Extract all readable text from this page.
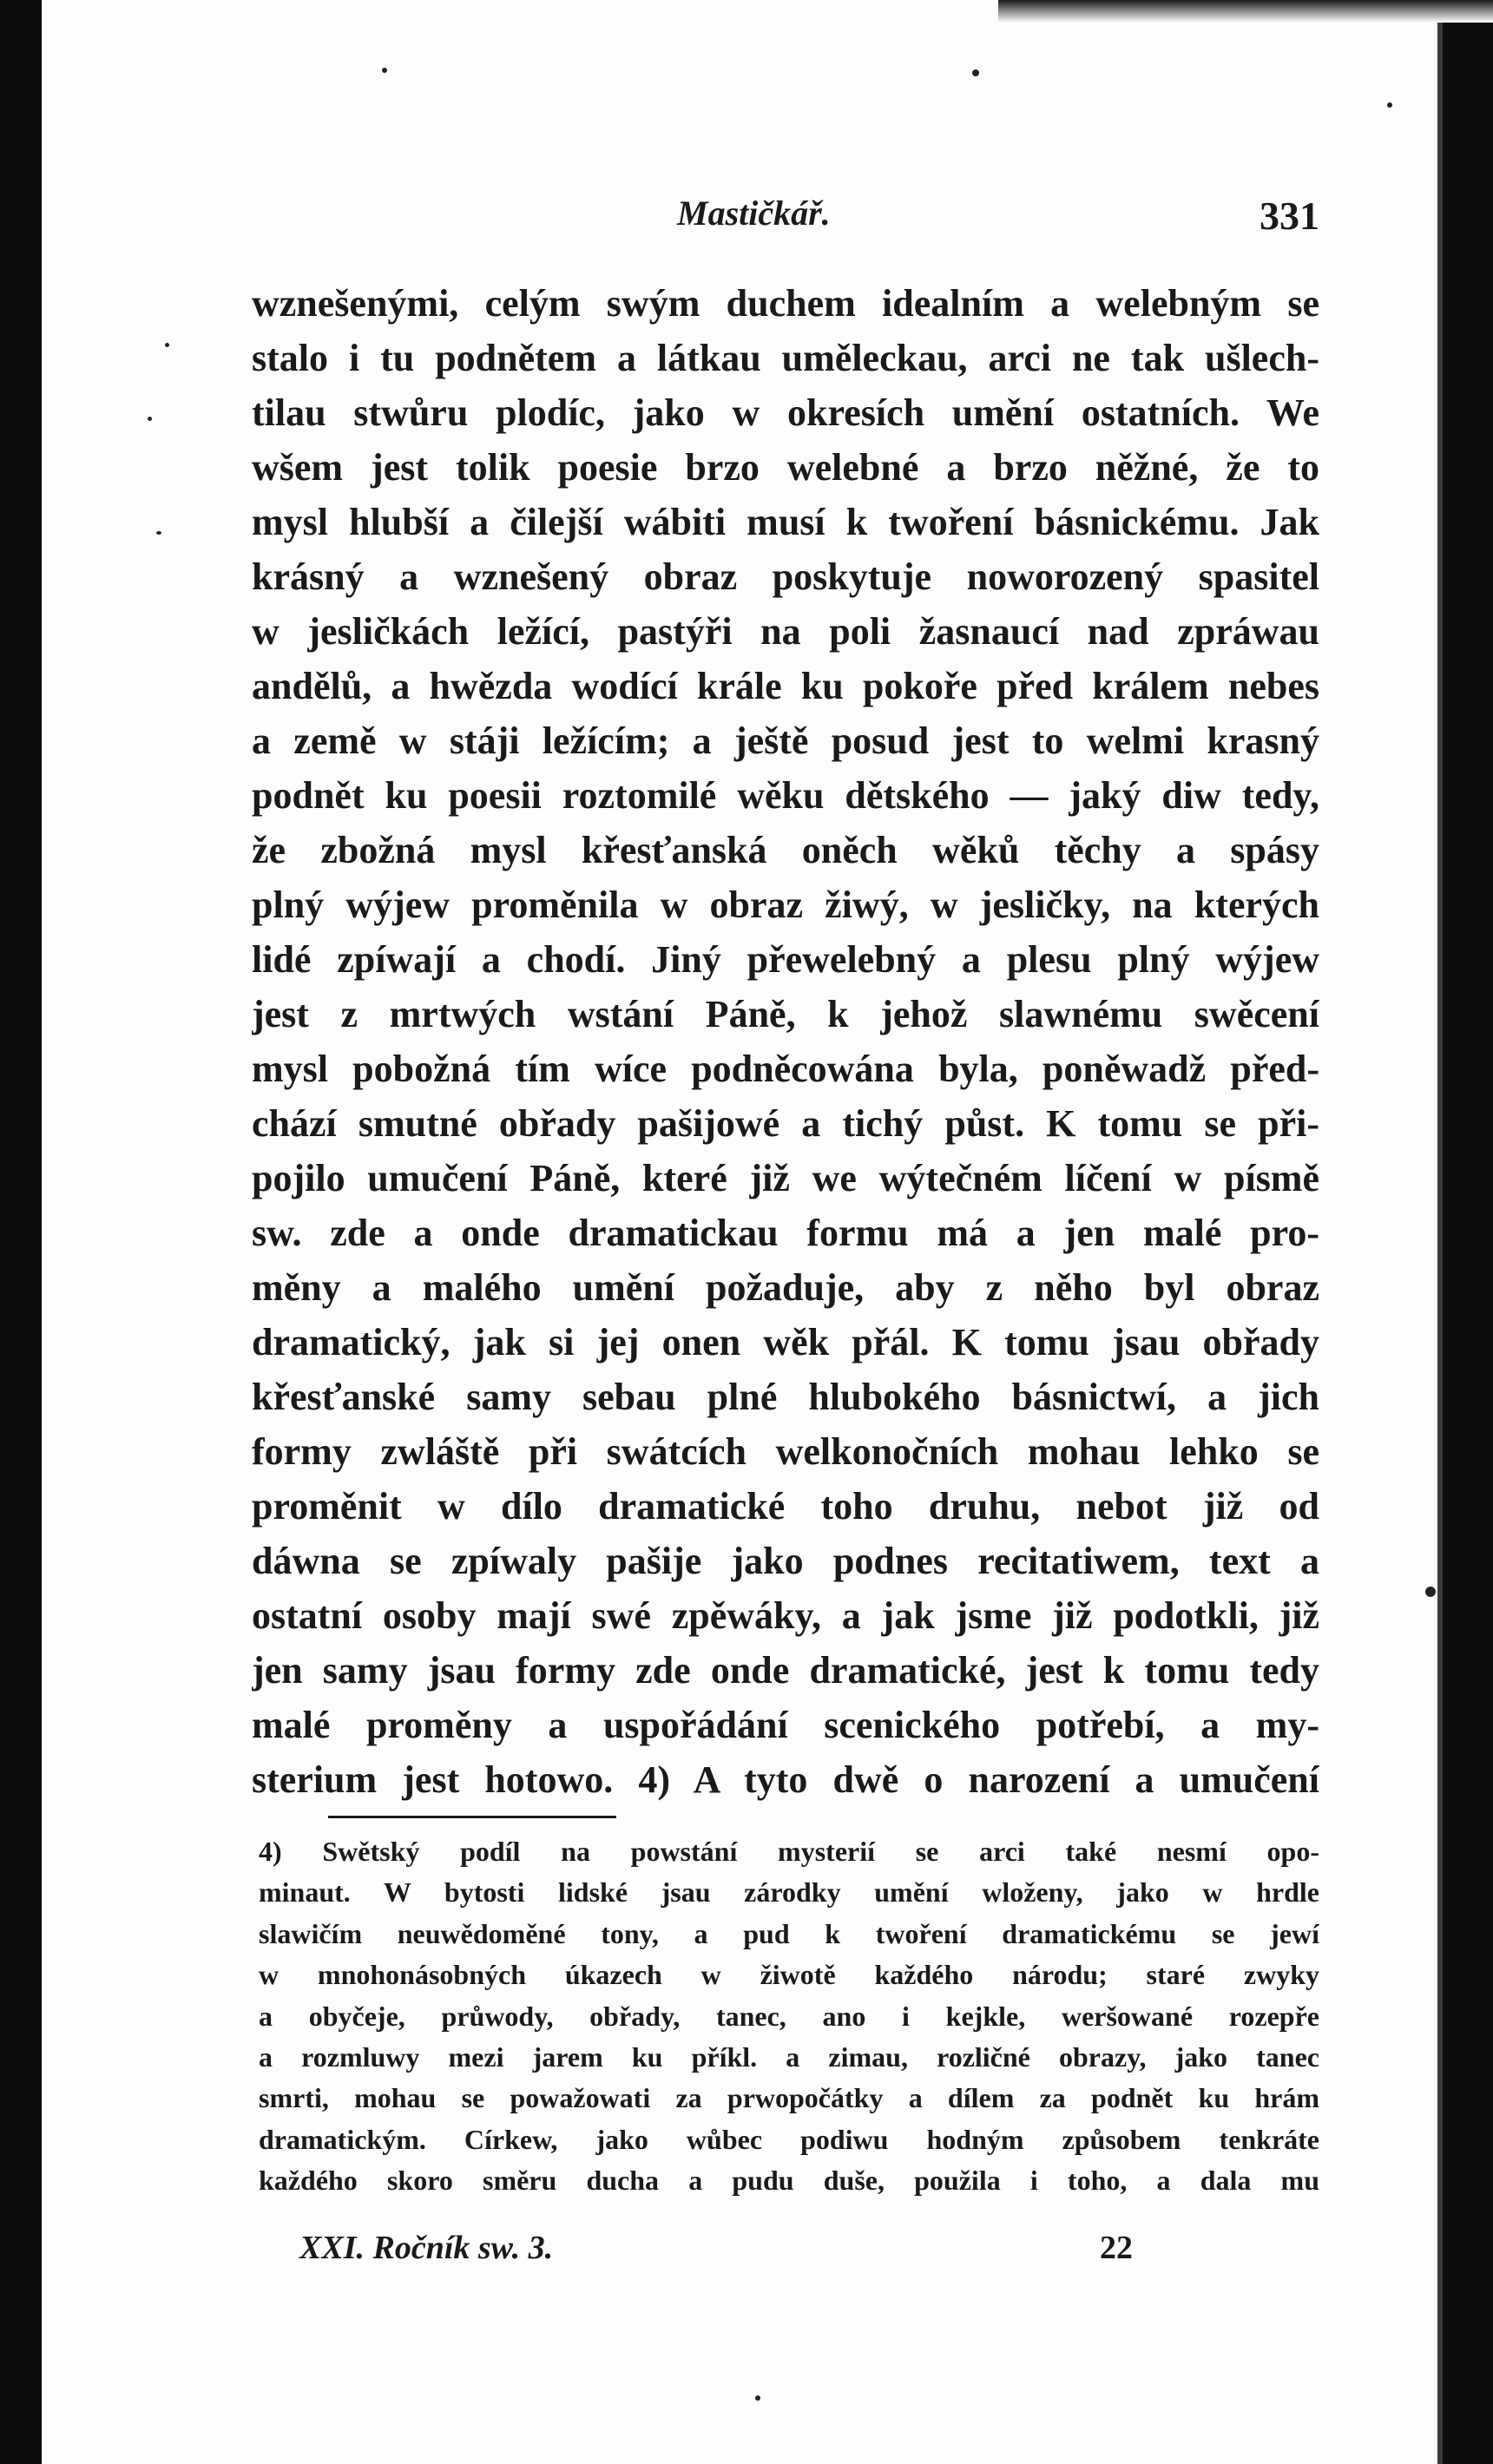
Mastičkář.	331
wznešenými, celým swým duchem idealním a welebným se
stalo i tu podnětem a látkau uměleckau, arci ne tak ušlech-
tilau stwůru plodíc, jako w okresích umění ostatních. We
wšem jest tolik poesie brzo welebné a brzo něžné, že to
mysl hlubší a čilejší wábiti musí k twoření básnickému. Jak
krásný a wznešený obraz poskytuje noworozený spasitel
w jesličkách ležící, pastýři na poli žasnaucí nad zpráwau
andělů, a hwězda wodící krále ku pokoře před králem nebes
a země w stáji ležícím; a ještě posud jest to welmi krasný
podnět ku poesii roztomilé wěku dětského — jaký diw tedy,
že zbožná mysl křesťanská oněch wěků těchy a spásy
plný wýjew proměnila w obraz žiwý, w jesličky, na kterých
lidé zpíwají a chodí. Jiný přewelebný a plesu plný wýjew
jest z mrtwých wstání Páně, k jehož slawnému swěcení
mysl pobožná tím wíce podněcowána byla, poněwadž před-
chází smutné obřady pašijowé a tichý půst. K tomu se při-
pojilo umučení Páně, které již we wýtečném líčení w písmě
sw. zde a onde dramatickau formu má a jen malé pro-
měny a malého umění požaduje, aby z něho byl obraz
dramatický, jak si jej onen wěk přál. K tomu jsau obřady
křesťanské samy sebau plné hlubokého básnictwí, a jich
formy zwláště při swátcích welkonočních mohau lehko se
proměnit w dílo dramatické toho druhu, nebot již od
dáwna se zpíwaly pašije jako podnes recitatiwem, text a
ostatní osoby mají swé zpěwáky, a jak jsme již podotkli, již
jen samy jsau formy zde onde dramatické, jest k tomu tedy
malé proměny a uspořádání scenického potřebí, a my-
sterium jest hotowo. 4) A tyto dwě o narození a umučení
4) Swětský podíl na powstání mysterií se arci také nesmí opo-
minaut. W bytosti lidské jsau zárodky umění wloženy, jako w hrdle
slawičím neuwědoměné tony, a pud k twoření dramatickému se jewí
w mnohonásobných úkazech w žiwotě každého národu; staré zwyky
a obyčeje, průwody, obřady, tanec, ano i kejkle, weršowané rozepře
a rozmluwy mezi jarem ku příkl. a zimau, rozličné obrazy, jako tanec
smrti, mohau se powažowati za prwopočátky a dílem za podnět ku hrám
dramatickým. Církew, jako wůbec podiwu hodným způsobem tenkráte
každého skoro směru ducha a pudu duše, použila i toho, a dala mu
XXI. Ročník sw. 3.	22
